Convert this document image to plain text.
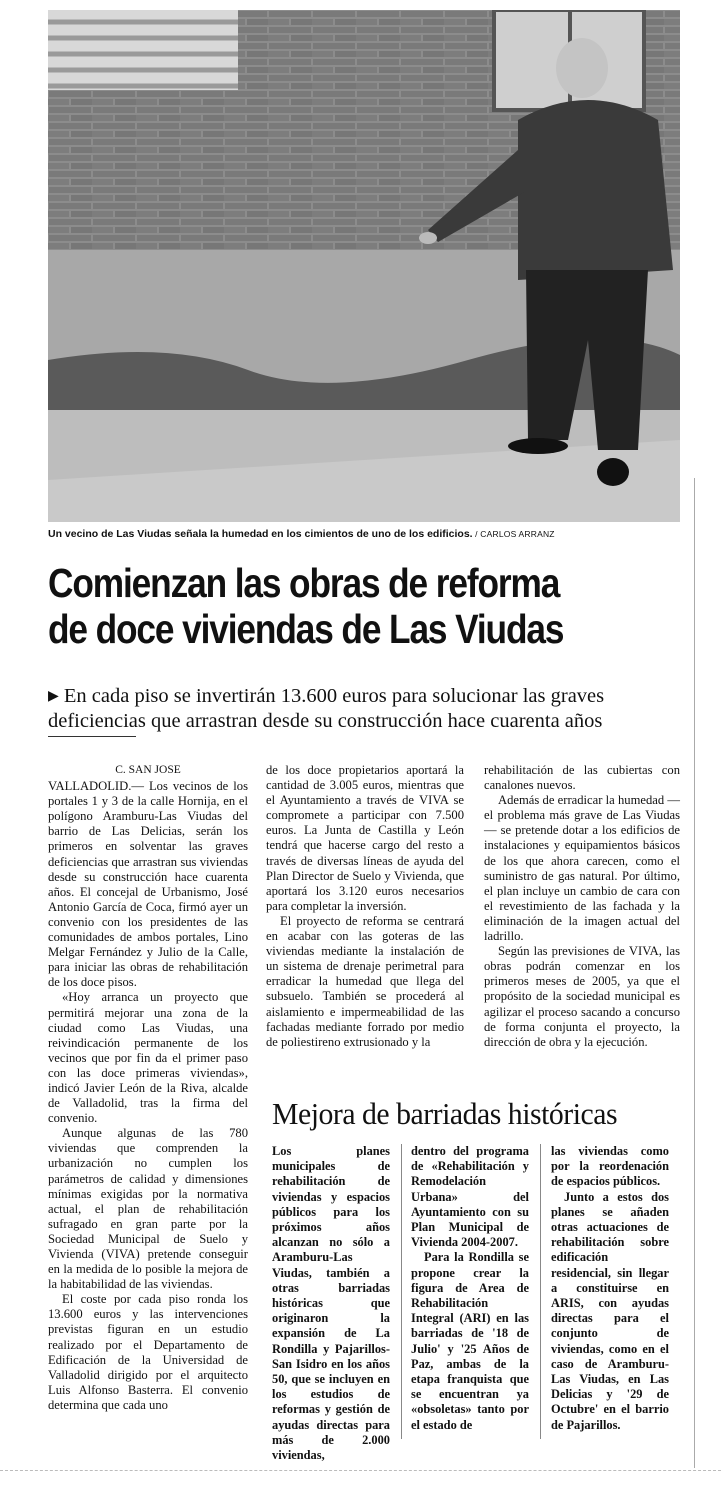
Un vecino de Las Viudas señala la humedad en los cimientos de uno de los edificios. / CARLOS ARRANZ
Comienzan las obras de reforma
de doce viviendas de Las Viudas
▶ En cada piso se invertirán 13.600 euros para solucionar las graves deficiencias que arrastran desde su construcción hace cuarenta años
C. SAN JOSE

VALLADOLID.— Los vecinos de los portales 1 y 3 de la calle Hornija, en el polígono Aramburu-Las Viudas del barrio de Las Delicias, serán los primeros en solventar las graves deficiencias que arrastran sus viviendas desde su construcción hace cuarenta años. El concejal de Urbanismo, José Antonio García de Coca, firmó ayer un convenio con los presidentes de las comunidades de ambos portales, Lino Melgar Fernández y Julio de la Calle, para iniciar las obras de rehabilitación de los doce pisos.

«Hoy arranca un proyecto que permitirá mejorar una zona de la ciudad como Las Viudas, una reivindicación permanente de los vecinos que por fin da el primer paso con las doce primeras viviendas», indicó Javier León de la Riva, alcalde de Valladolid, tras la firma del convenio.

Aunque algunas de las 780 viviendas que comprenden la urbanización no cumplen los parámetros de calidad y dimensiones mínimas exigidas por la normativa actual, el plan de rehabilitación sufragado en gran parte por la Sociedad Municipal de Suelo y Vivienda (VIVA) pretende conseguir en la medida de lo posible la mejora de la habitabilidad de las viviendas.

El coste por cada piso ronda los 13.600 euros y las intervenciones previstas figuran en un estudio realizado por el Departamento de Edificación de la Universidad de Valladolid dirigido por el arquitecto Luis Alfonso Basterra. El convenio determina que cada uno

de los doce propietarios aportará la cantidad de 3.005 euros, mientras que el Ayuntamiento a través de VIVA se compromete a participar con 7.500 euros. La Junta de Castilla y León tendrá que hacerse cargo del resto a través de diversas líneas de ayuda del Plan Director de Suelo y Vivienda, que aportará los 3.120 euros necesarios para completar la inversión.

El proyecto de reforma se centrará en acabar con las goteras de las viviendas mediante la instalación de un sistema de drenaje perimetral para erradicar la humedad que llega del subsuelo. También se procederá al aislamiento e impermeabilidad de las fachadas mediante forrado por medio de poliestireno extrusionado y la

rehabilitación de las cubiertas con canalones nuevos.

Además de erradicar la humedad —el problema más grave de Las Viudas— se pretende dotar a los edificios de instalaciones y equipamientos básicos de los que ahora carecen, como el suministro de gas natural. Por último, el plan incluye un cambio de cara con el revestimiento de las fachada y la eliminación de la imagen actual del ladrillo.

Según las previsiones de VIVA, las obras podrán comenzar en los primeros meses de 2005, ya que el propósito de la sociedad municipal es agilizar el proceso sacando a concurso de forma conjunta el proyecto, la dirección de obra y la ejecución.

Mejora de barriadas históricas

Los planes municipales de rehabilitación de viviendas y espacios públicos para los próximos años alcanzan no sólo a Aramburu-Las Viudas, también a otras barriadas históricas que originaron la expansión de La Rondilla y Pajarillos-San Isidro en los años 50, que se incluyen en los estudios de reformas y gestión de ayudas directas para más de 2.000 viviendas,

dentro del programa de «Rehabilitación y Remodelación Urbana» del Ayuntamiento con su Plan Municipal de Vivienda 2004-2007.

Para la Rondilla se propone crear la figura de Area de Rehabilitación Integral (ARI) en las barriadas de '18 de Julio' y '25 Años de Paz, ambas de la etapa franquista que se encuentran ya «obsoletas» tanto por el estado de

las viviendas como por la reordenación de espacios públicos.

Junto a estos dos planes se añaden otras actuaciones de rehabilitación sobre edificación residencial, sin llegar a constituirse en ARIS, con ayudas directas para el conjunto de viviendas, como en el caso de Aramburu-Las Viudas, en Las Delicias y '29 de Octubre' en el barrio de Pajarillos.
